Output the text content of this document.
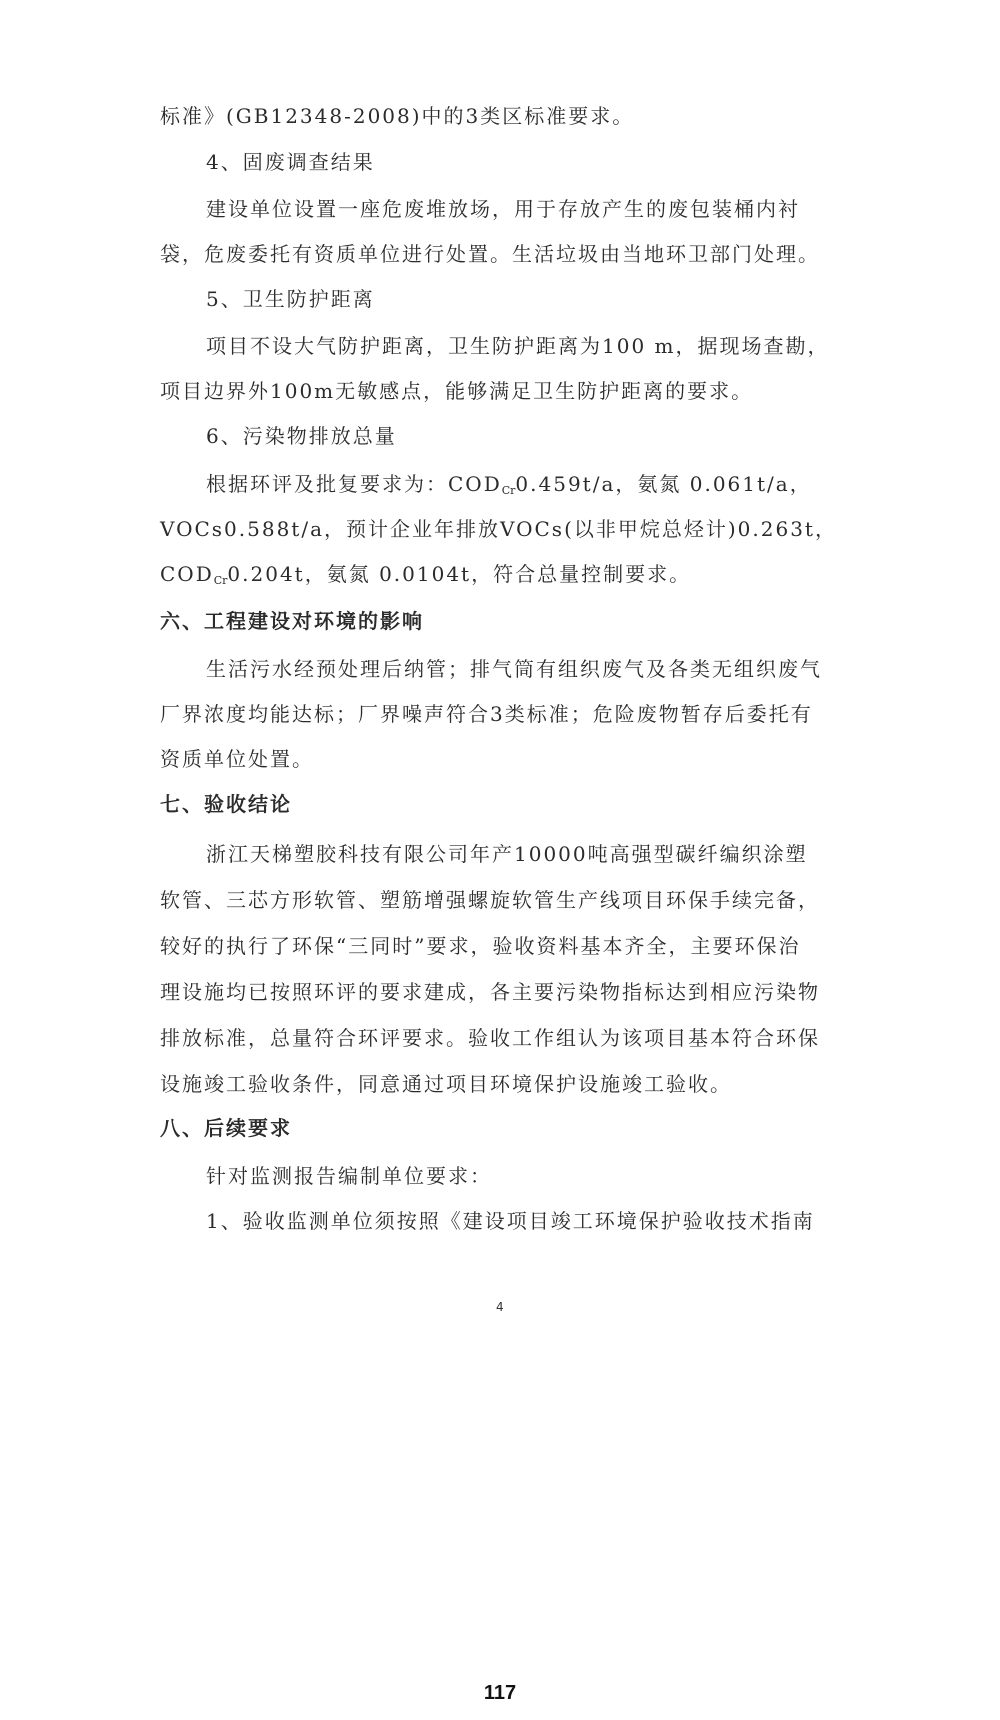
标准》(GB12348-2008)中的3类区标准要求。
4、固废调查结果
建设单位设置一座危废堆放场，用于存放产生的废包装桶内衬
袋，危废委托有资质单位进行处置。生活垃圾由当地环卫部门处理。
5、卫生防护距离
项目不设大气防护距离，卫生防护距离为100 m，据现场查勘，
项目边界外100m无敏感点，能够满足卫生防护距离的要求。
6、污染物排放总量
根据环评及批复要求为：$COD_{Cr}0.459t/a$，氨氮 0.061t/a，
VOCs0.588t/a，预计企业年排放VOCs(以非甲烷总烃计)0.263t，
$COD_{Cr}0.204t$，氨氮 0.0104t，符合总量控制要求。
六、工程建设对环境的影响
生活污水经预处理后纳管；排气筒有组织废气及各类无组织废气
厂界浓度均能达标；厂界噪声符合3类标准；危险废物暂存后委托有
资质单位处置。
七、验收结论
浙江天梯塑胶科技有限公司年产10000吨高强型碳纤编织涂塑
软管、三芯方形软管、塑筋增强螺旋软管生产线项目环保手续完备，
较好的执行了环保“三同时”要求，验收资料基本齐全，主要环保治
理设施均已按照环评的要求建成，各主要污染物指标达到相应污染物
排放标准，总量符合环评要求。验收工作组认为该项目基本符合环保
设施竣工验收条件，同意通过项目环境保护设施竣工验收。
八、后续要求
针对监测报告编制单位要求：
1、验收监测单位须按照《建设项目竣工环境保护验收技术指南
4
117
